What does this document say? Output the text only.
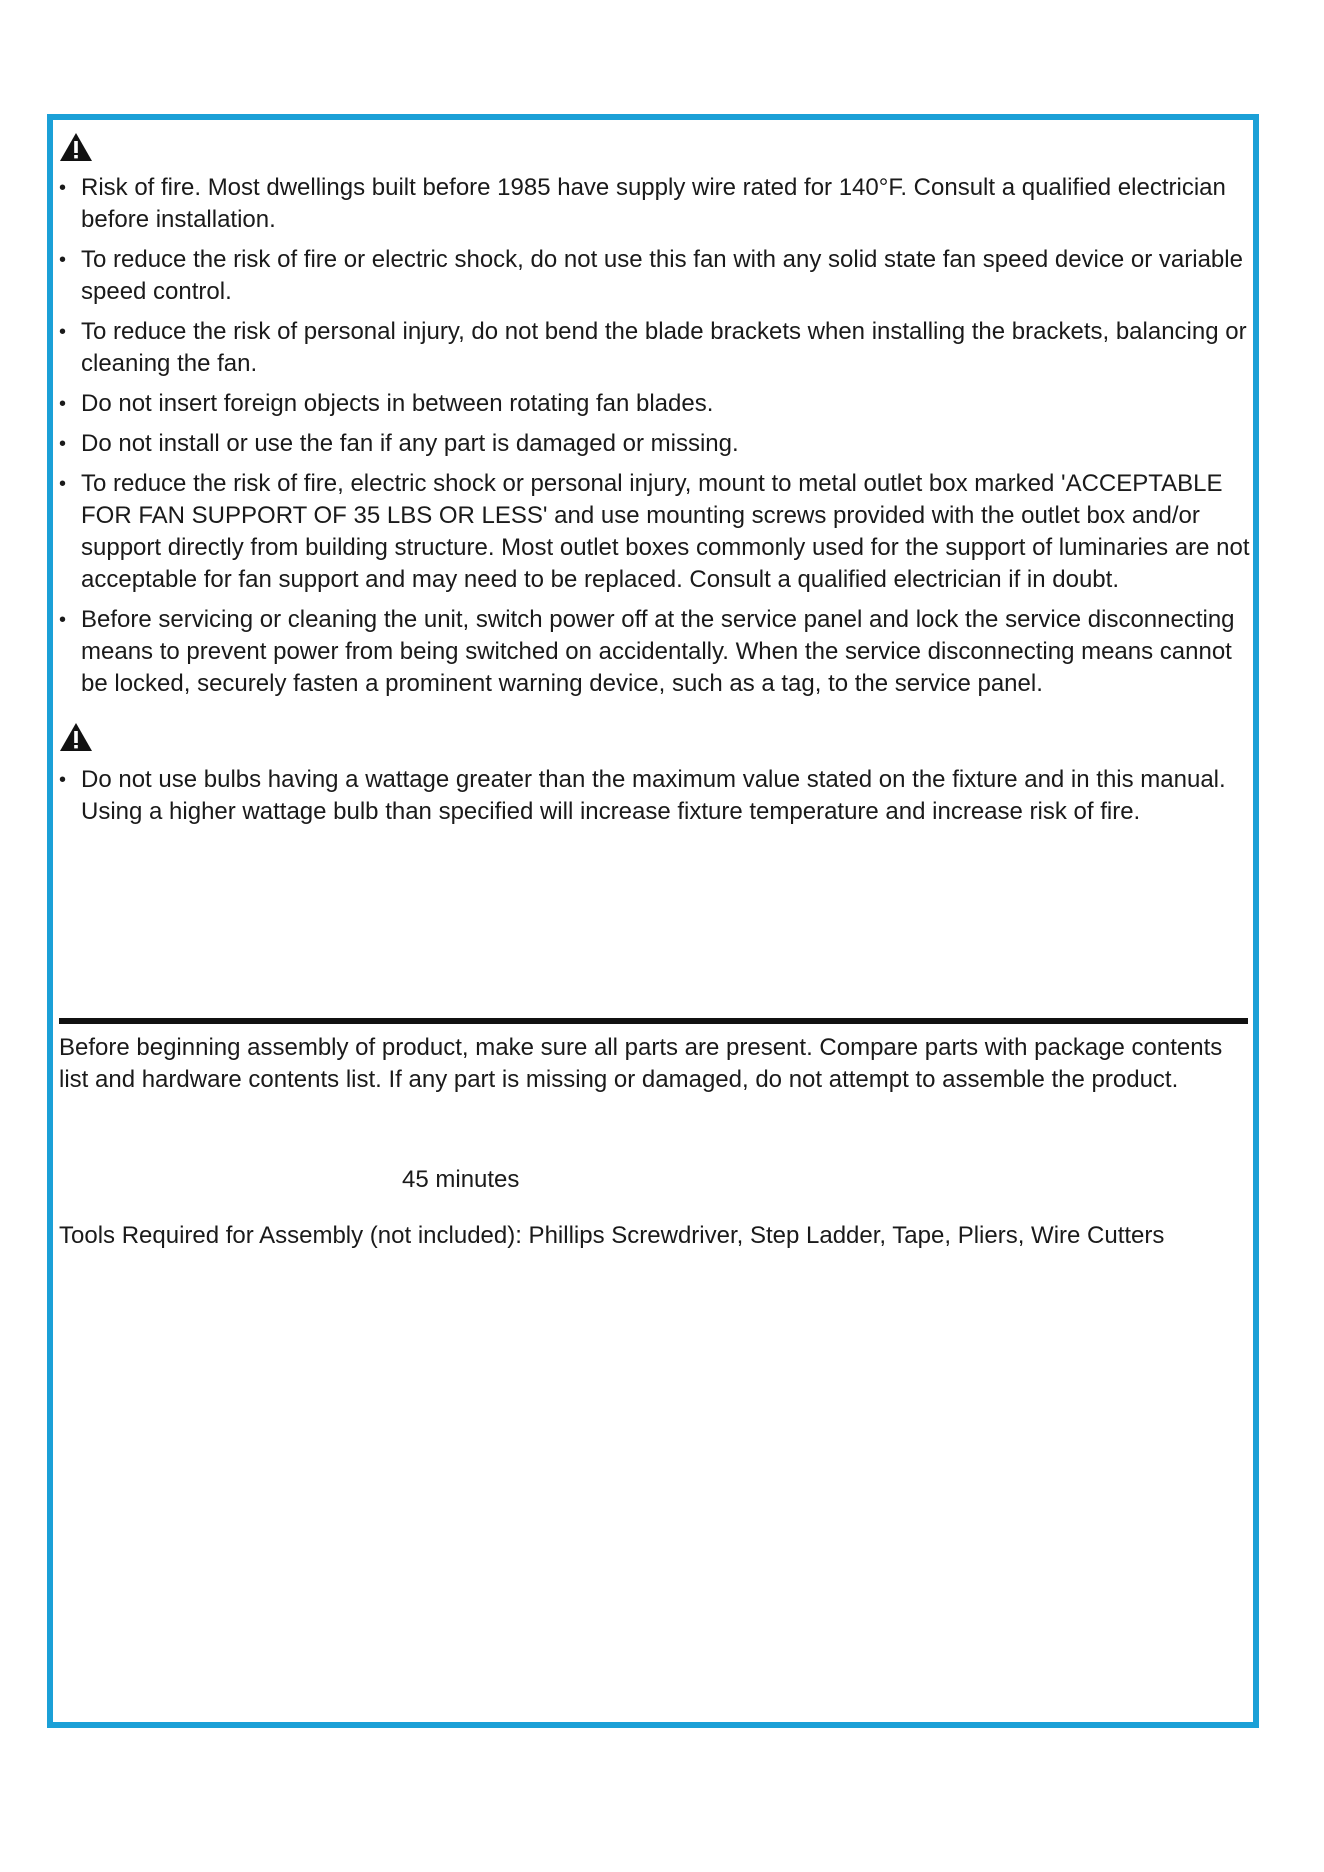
• Risk of fire. Most dwellings built before 1985 have supply wire rated for 140°F. Consult a qualified electrician before installation.
• To reduce the risk of fire or electric shock, do not use this fan with any solid state fan speed device or variable speed control.
• To reduce the risk of personal injury, do not bend the blade brackets when installing the brackets, balancing or cleaning the fan.
• Do not insert foreign objects in between rotating fan blades.
• Do not install or use the fan if any part is damaged or missing.
• To reduce the risk of fire, electric shock or personal injury, mount to metal outlet box marked 'ACCEPTABLE FOR FAN SUPPORT OF 35 LBS OR LESS' and use mounting screws provided with the outlet box and/or support directly from building structure. Most outlet boxes commonly used for the support of luminaries are not acceptable for fan support and may need to be replaced. Consult a qualified electrician if in doubt.
• Before servicing or cleaning the unit, switch power off at the service panel and lock the service disconnecting means to prevent power from being switched on accidentally. When the service disconnecting means cannot be locked, securely fasten a prominent warning device, such as a tag, to the service panel.
• Do not use bulbs having a wattage greater than the maximum value stated on the fixture and in this manual. Using a higher wattage bulb than specified will increase fixture temperature and increase risk of fire.

Before beginning assembly of product, make sure all parts are present. Compare parts with package contents list and hardware contents list. If any part is missing or damaged, do not attempt to assemble the product.

45 minutes

Tools Required for Assembly (not included): Phillips Screwdriver, Step Ladder, Tape, Pliers, Wire Cutters
